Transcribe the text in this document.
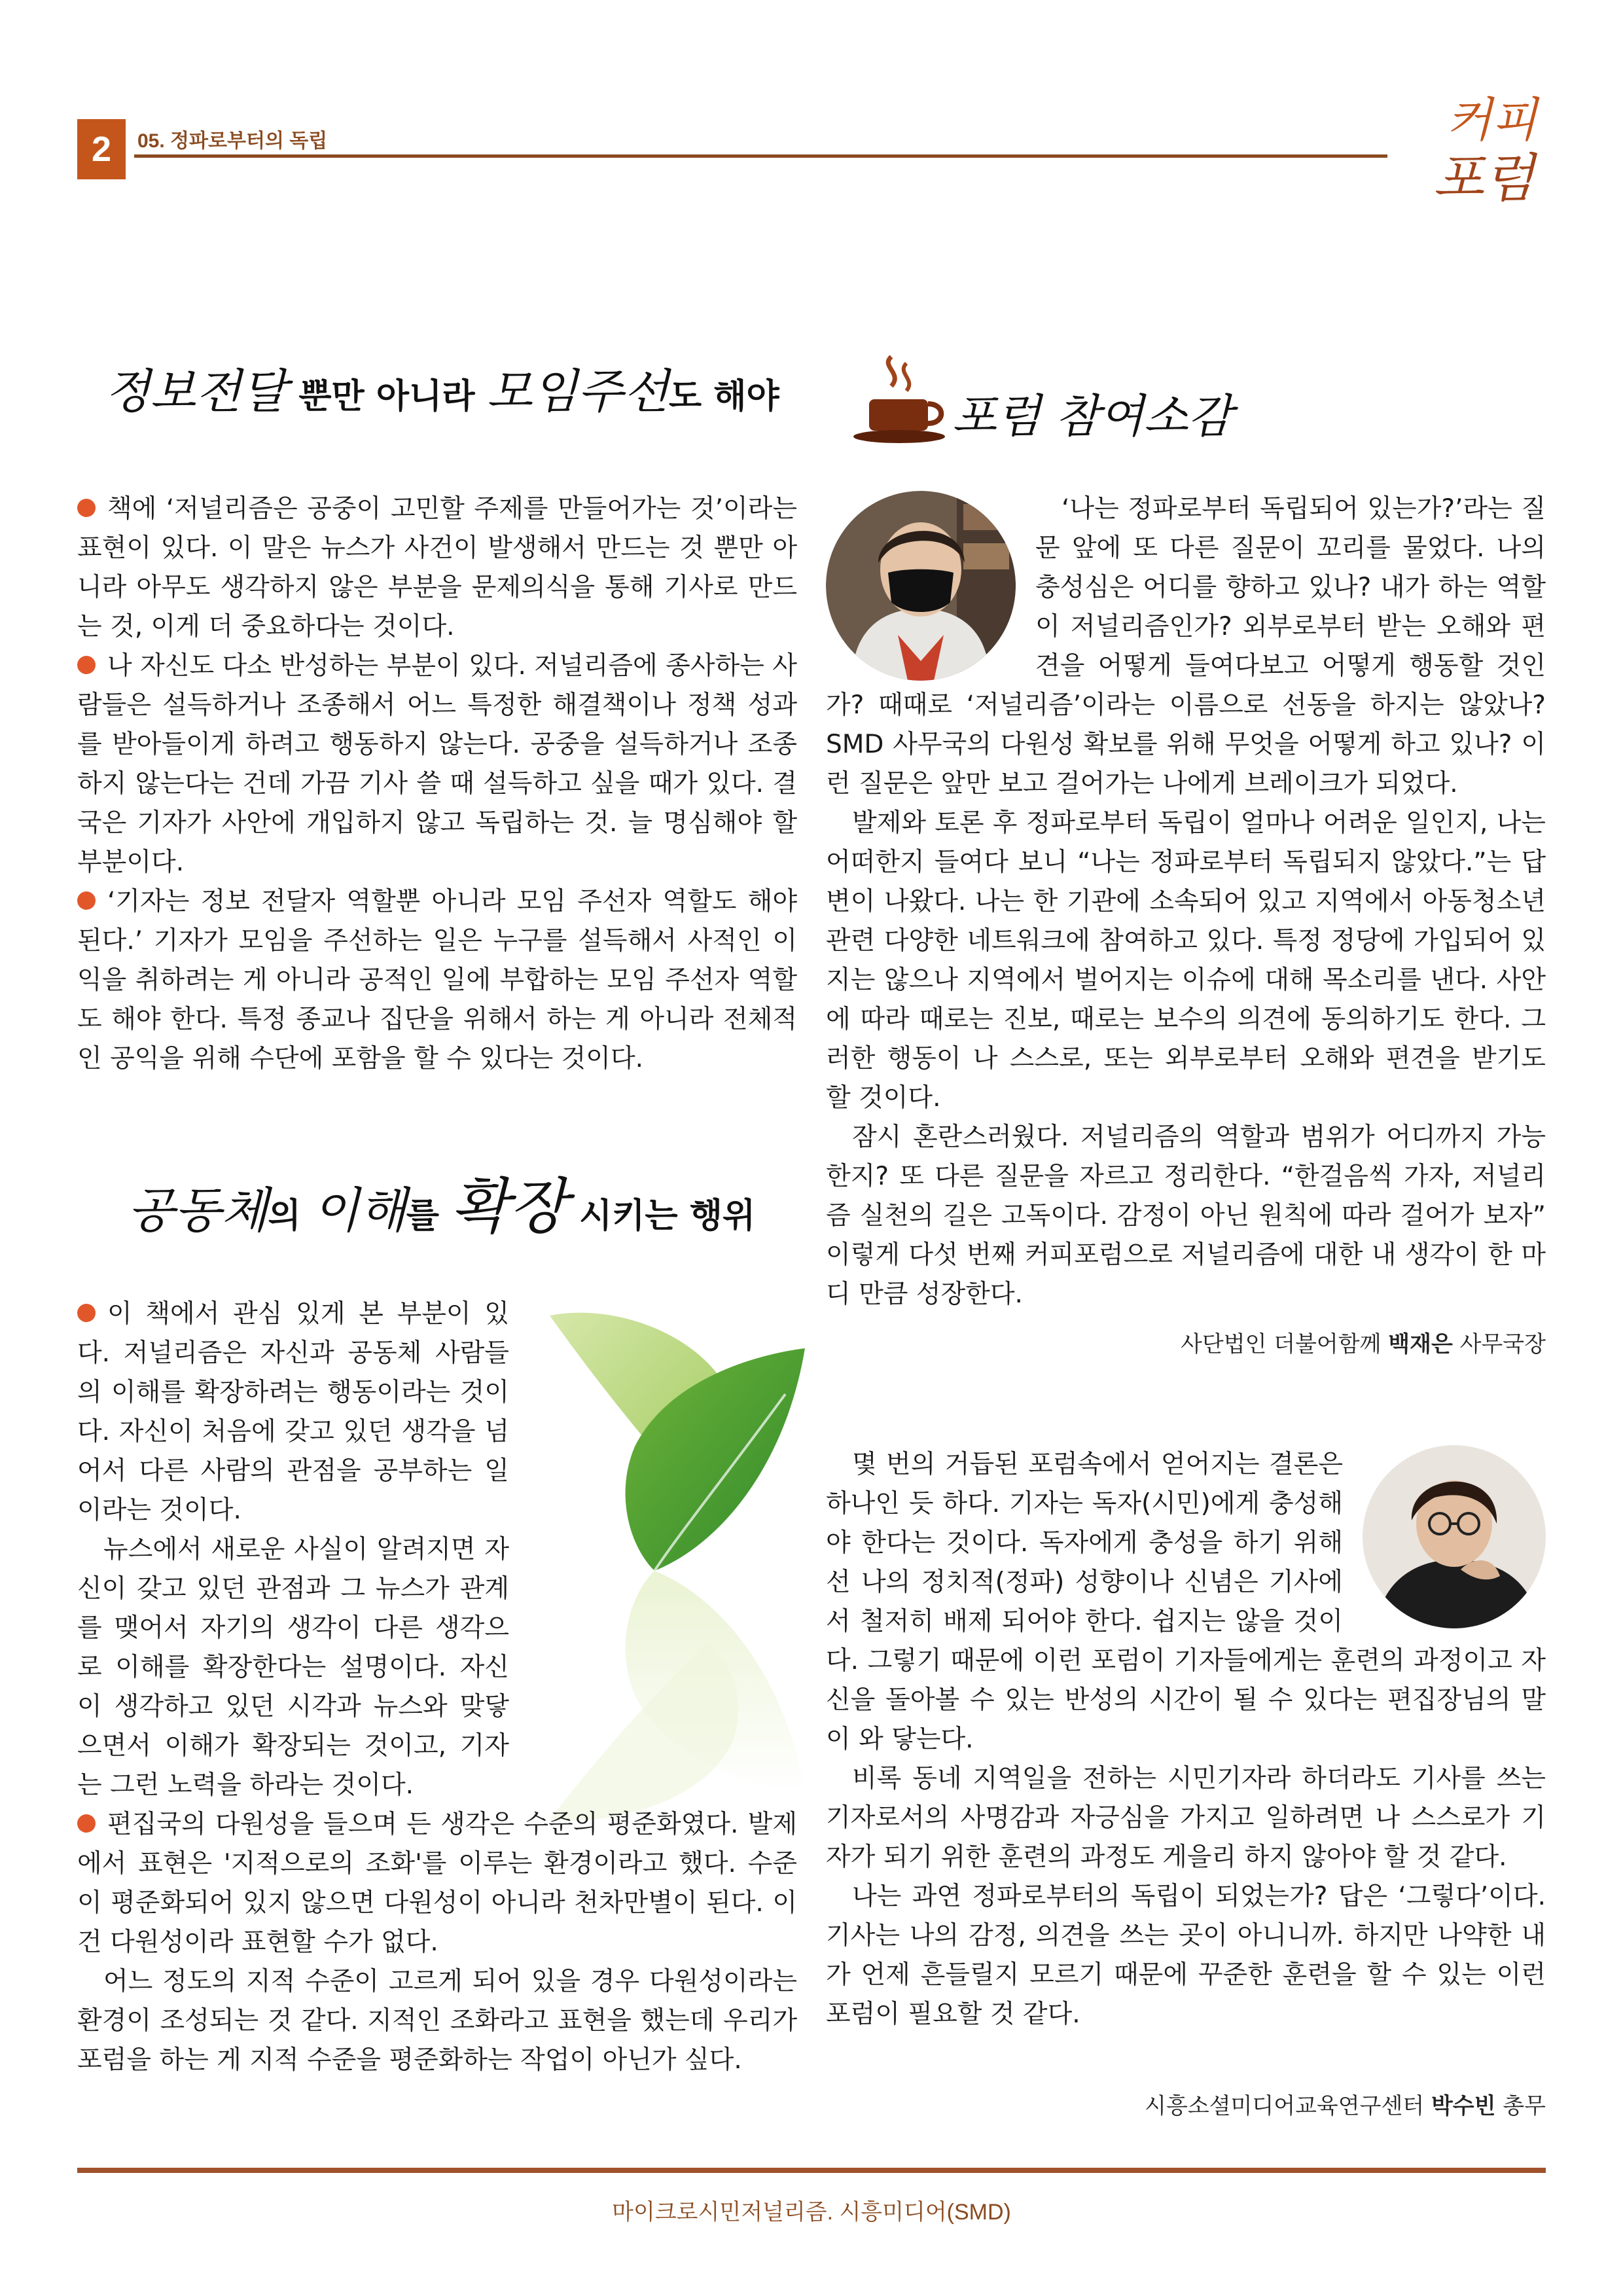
2	05. 정파로부터의 독립	커피
포럼
정보전달 뿐만 아니라 모임주선도 해야

책에 ‘저널리즘은 공중이 고민할 주제를 만들어가는 것’이라는 표현이 있다. 이 말은 뉴스가 사건이 발생해서 만드는 것 뿐만 아니라 아무도 생각하지 않은 부분을 문제의식을 통해 기사로 만드는 것, 이게 더 중요하다는 것이다.

나 자신도 다소 반성하는 부분이 있다. 저널리즘에 종사하는 사람들은 설득하거나 조종해서 어느 특정한 해결책이나 정책 성과를 받아들이게 하려고 행동하지 않는다. 공중을 설득하거나 조종하지 않는다는 건데 가끔 기사 쓸 때 설득하고 싶을 때가 있다. 결국은 기자가 사안에 개입하지 않고 독립하는 것. 늘 명심해야 할 부분이다.

‘기자는 정보 전달자 역할뿐 아니라 모임 주선자 역할도 해야 된다.’ 기자가 모임을 주선하는 일은 누구를 설득해서 사적인 이익을 취하려는 게 아니라 공적인 일에 부합하는 모임 주선자 역할도 해야 한다. 특정 종교나 집단을 위해서 하는 게 아니라 전체적인 공익을 위해 수단에 포함을 할 수 있다는 것이다.

공동체의 이해를 확장 시키는 행위

이 책에서 관심 있게 본 부분이 있다. 저널리즘은 자신과 공동체 사람들의 이해를 확장하려는 행동이라는 것이다. 자신이 처음에 갖고 있던 생각을 넘어서 다른 사람의 관점을 공부하는 일이라는 것이다.

뉴스에서 새로운 사실이 알려지면 자신이 갖고 있던 관점과 그 뉴스가 관계를 맺어서 자기의 생각이 다른 생각으로 이해를 확장한다는 설명이다. 자신이 생각하고 있던 시각과 뉴스와 맞닿으면서 이해가 확장되는 것이고, 기자는 그런 노력을 하라는 것이다.

편집국의 다원성을 들으며 든 생각은 수준의 평준화였다. 발제에서 표현은 '지적으로의 조화'를 이루는 환경이라고 했다. 수준이 평준화되어 있지 않으면 다원성이 아니라 천차만별이 된다. 이건 다원성이라 표현할 수가 없다.

어느 정도의 지적 수준이 고르게 되어 있을 경우 다원성이라는 환경이 조성되는 것 같다. 지적인 조화라고 표현을 했는데 우리가 포럼을 하는 게 지적 수준을 평준화하는 작업이 아닌가 싶다.

포럼 참여소감

‘나는 정파로부터 독립되어 있는가?’라는 질문 앞에 또 다른 질문이 꼬리를 물었다. 나의 충성심은 어디를 향하고 있나? 내가 하는 역할이 저널리즘인가? 외부로부터 받는 오해와 편견을 어떻게 들여다보고 어떻게 행동할 것인가? 때때로 ‘저널리즘’이라는 이름으로 선동을 하지는 않았나? SMD 사무국의 다원성 확보를 위해 무엇을 어떻게 하고 있나? 이런 질문은 앞만 보고 걸어가는 나에게 브레이크가 되었다.

발제와 토론 후 정파로부터 독립이 얼마나 어려운 일인지, 나는 어떠한지 들여다 보니 “나는 정파로부터 독립되지 않았다.”는 답변이 나왔다. 나는 한 기관에 소속되어 있고 지역에서 아동청소년 관련 다양한 네트워크에 참여하고 있다. 특정 정당에 가입되어 있지는 않으나 지역에서 벌어지는 이슈에 대해 목소리를 낸다. 사안에 따라 때로는 진보, 때로는 보수의 의견에 동의하기도 한다. 그러한 행동이 나 스스로, 또는 외부로부터 오해와 편견을 받기도 할 것이다.

잠시 혼란스러웠다. 저널리즘의 역할과 범위가 어디까지 가능한지? 또 다른 질문을 자르고 정리한다. “한걸음씩 가자, 저널리즘 실천의 길은 고독이다. 감정이 아닌 원칙에 따라 걸어가 보자” 이렇게 다섯 번째 커피포럼으로 저널리즘에 대한 내 생각이 한 마디 만큼 성장한다.

사단법인 더불어함께 백재은 사무국장

몇 번의 거듭된 포럼속에서 얻어지는 결론은 하나인 듯 하다. 기자는 독자(시민)에게 충성해야 한다는 것이다. 독자에게 충성을 하기 위해선 나의 정치적(정파) 성향이나 신념은 기사에서 철저히 배제 되어야 한다. 쉽지는 않을 것이다. 그렇기 때문에 이런 포럼이 기자들에게는 훈련의 과정이고 자신을 돌아볼 수 있는 반성의 시간이 될 수 있다는 편집장님의 말이 와 닿는다.

비록 동네 지역일을 전하는 시민기자라 하더라도 기사를 쓰는 기자로서의 사명감과 자긍심을 가지고 일하려면 나 스스로가 기자가 되기 위한 훈련의 과정도 게을리 하지 않아야 할 것 같다.

나는 과연 정파로부터의 독립이 되었는가? 답은 ‘그렇다’이다. 기사는 나의 감정, 의견을 쓰는 곳이 아니니까. 하지만 나약한 내가 언제 흔들릴지 모르기 때문에 꾸준한 훈련을 할 수 있는 이런 포럼이 필요할 것 같다.

시흥소셜미디어교육연구센터 박수빈 총무
마이크로시민저널리즘. 시흥미디어(SMD)
